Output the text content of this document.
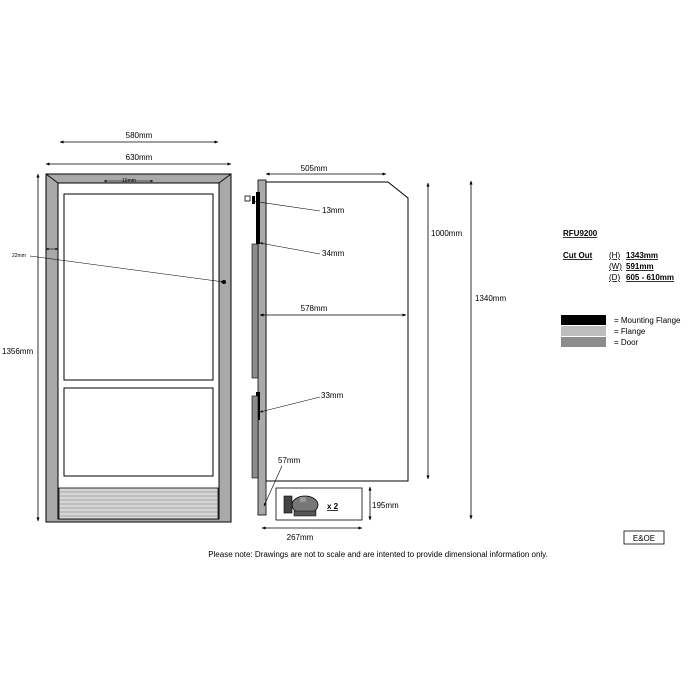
580mm
630mm
16mm
1356mm
22mm
x 2
505mm
13mm
34mm
578mm
33mm
1000mm
1340mm
57mm
195mm
267mm
RFU9200
Cut Out (H) 1343mm
(W) 591mm
(D) 605 - 610mm
= Mounting Flange
= Flange
= Door
E&OE
Please note: Drawings are not to scale and are intented to provide dimensional information only.
